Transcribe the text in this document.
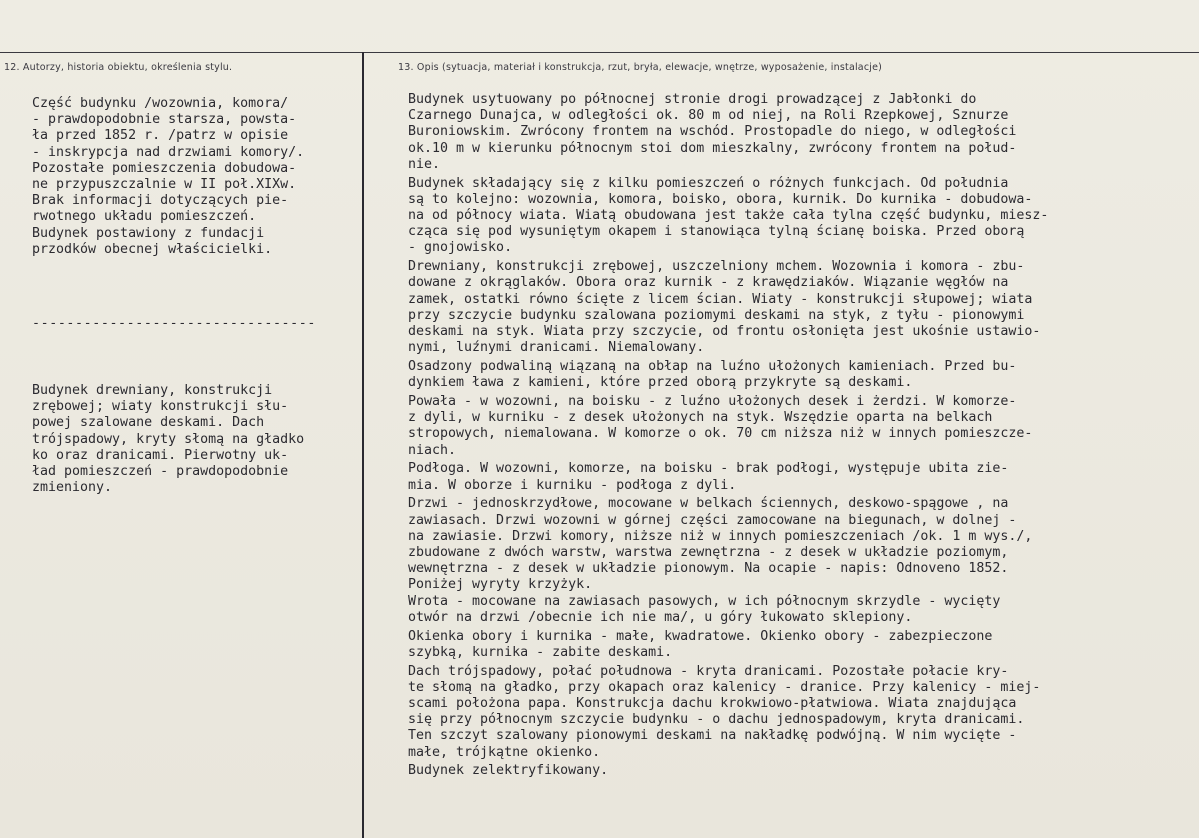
12. Autorzy, historia obiektu, określenia stylu.	13. Opis (sytuacja, materiał i konstrukcja, rzut, bryła, elewacje, wnętrze, wyposażenie, instalacje)
Część budynku /wozownia, komora/
- prawdopodobnie starsza, powsta-
ła przed 1852 r. /patrz w opisie
- inskrypcja nad drzwiami komory/.
Pozostałe pomieszczenia dobudowa-
ne przypuszczalnie w II poł.XIXw.
Brak informacji dotyczących pie-
rwotnego układu pomieszczeń.
Budynek postawiony z fundacji
przodków obecnej właścicielki.
---------------------------------
Budynek drewniany, konstrukcji
zrębowej; wiaty konstrukcji słu-
powej szalowane deskami. Dach
trójspadowy, kryty słomą na gładko
ko oraz dranicami. Pierwotny uk-
ład pomieszczeń - prawdopodobnie
zmieniony.
Budynek usytuowany po północnej stronie drogi prowadzącej z Jabłonki do
Czarnego Dunajca, w odległości ok. 80 m od niej, na Roli Rzepkowej, Sznurze
Buroniowskim. Zwrócony frontem na wschód. Prostopadle do niego, w odległości
ok.10 m w kierunku północnym stoi dom mieszkalny, zwrócony frontem na połud-
nie.
Budynek składający się z kilku pomieszczeń o różnych funkcjach. Od południa
są to kolejno: wozownia, komora, boisko, obora, kurnik. Do kurnika - dobudowa-
na od północy wiata. Wiatą obudowana jest także cała tylna część budynku, miesz-
cząca się pod wysuniętym okapem i stanowiąca tylną ścianę boiska. Przed oborą
- gnojowisko.
Drewniany, konstrukcji zrębowej, uszczelniony mchem. Wozownia i komora - zbu-
dowane z okrąglaków. Obora oraz kurnik - z krawędziaków. Wiązanie węgłów na
zamek, ostatki równo ścięte z licem ścian. Wiaty - konstrukcji słupowej; wiata
przy szczycie budynku szalowana poziomymi deskami na styk, z tyłu - pionowymi
deskami na styk. Wiata przy szczycie, od frontu osłonięta jest ukośnie ustawio-
nymi, luźnymi dranicami. Niemalowany.
Osadzony podwaliną wiązaną na obłap na luźno ułożonych kamieniach. Przed bu-
dynkiem ława z kamieni, które przed oborą przykryte są deskami.
Powała - w wozowni, na boisku - z luźno ułożonych desek i żerdzi. W komorze-
z dyli, w kurniku - z desek ułożonych na styk. Wszędzie oparta na belkach
stropowych, niemalowana. W komorze o ok. 70 cm niższa niż w innych pomieszcze-
niach.
Podłoga. W wozowni, komorze, na boisku - brak podłogi, występuje ubita zie-
mia. W oborze i kurniku - podłoga z dyli.
Drzwi - jednoskrzydłowe, mocowane w belkach ściennych, deskowo-spągowe , na
zawiasach. Drzwi wozowni w górnej części zamocowane na biegunach, w dolnej -
na zawiasie. Drzwi komory, niższe niż w innych pomieszczeniach /ok. 1 m wys./,
zbudowane z dwóch warstw, warstwa zewnętrzna - z desek w układzie poziomym,
wewnętrzna - z desek w układzie pionowym. Na ocapie - napis: Odnoveno 1852.
Poniżej wyryty krzyżyk.
Wrota - mocowane na zawiasach pasowych, w ich północnym skrzydle - wycięty
otwór na drzwi /obecnie ich nie ma/, u góry łukowato sklepiony.
Okienka obory i kurnika - małe, kwadratowe. Okienko obory - zabezpieczone
szybką, kurnika - zabite deskami.
Dach trójspadowy, połać połudnowa - kryta dranicami. Pozostałe połacie kry-
te słomą na gładko, przy okapach oraz kalenicy - dranice. Przy kalenicy - miej-
scami położona papa. Konstrukcja dachu krokwiowo-płatwiowa. Wiata znajdująca
się przy północnym szczycie budynku - o dachu jednospadowym, kryta dranicami.
Ten szczyt szalowany pionowymi deskami na nakładkę podwójną. W nim wycięte -
małe, trójkątne okienko.
Budynek zelektryfikowany.
